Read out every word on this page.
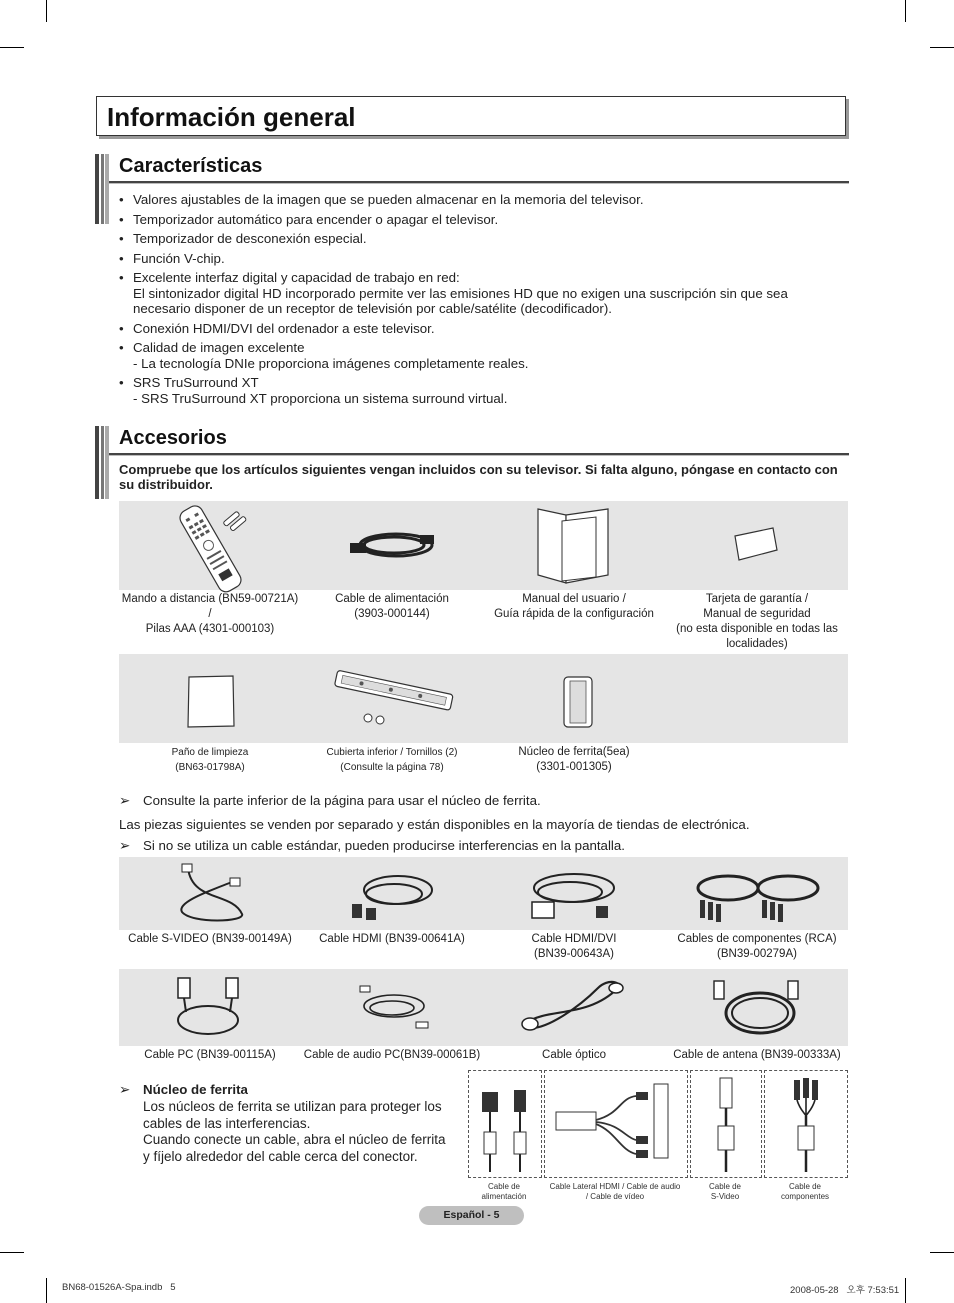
Información general
Características
• Valores ajustables de la imagen que se pueden almacenar en la memoria del televisor.
• Temporizador automático para encender o apagar el televisor.
• Temporizador de desconexión especial.
• Función V-chip.
• Excelente interfaz digital y capacidad de trabajo en red:
El sintonizador digital HD incorporado permite ver las emisiones HD que no exigen una suscripción sin que sea necesario disponer de un receptor de televisión por cable/satélite (decodificador).
• Conexión HDMI/DVI del ordenador a este televisor.
• Calidad de imagen excelente
- La tecnología DNIe proporciona imágenes completamente reales.
• SRS TruSurround XT
- SRS TruSurround XT proporciona un sistema surround virtual.
Accesorios
Compruebe que los artículos siguientes vengan incluidos con su televisor. Si falta alguno, póngase en contacto con su distribuidor.
Mando a distancia (BN59-00721A) /
Pilas AAA (4301-000103)
Cable de alimentación
(3903-000144)
Manual del usuario /
Guía rápida de la configuración
Tarjeta de garantía /
Manual de seguridad
(no esta disponible en todas las localidades)
Paño de limpieza
(BN63-01798A)
Cubierta inferior / Tornillos (2)
(Consulte la página 78)
Núcleo de ferrita(5ea)
(3301-001305)
➢ Consulte la parte inferior de la página para usar el núcleo de ferrita.
Las piezas siguientes se venden por separado y están disponibles en la mayoría de tiendas de electrónica.
➢ Si no se utiliza un cable estándar, pueden producirse interferencias en la pantalla.
Cable S-VIDEO (BN39-00149A)	Cable HDMI (BN39-00641A)	Cable HDMI/DVI
(BN39-00643A)
Cables de componentes (RCA)
(BN39-00279A)
Cable PC (BN39-00115A)	Cable de audio PC(BN39-00061B)	Cable óptico	Cable de antena (BN39-00333A)
➢ Núcleo de ferrita
Los núcleos de ferrita se utilizan para proteger los cables de las interferencias.
Cuando conecte un cable, abra el núcleo de ferrita y fíjelo alrededor del cable cerca del conector.
Cable de
alimentación
Cable Lateral HDMI / Cable de audio
/ Cable de vídeo
Cable de
S-Video
Cable de
componentes
Español - 5
BN68-01526A-Spa.indb   5	2008-05-28   오후 7:53:51
